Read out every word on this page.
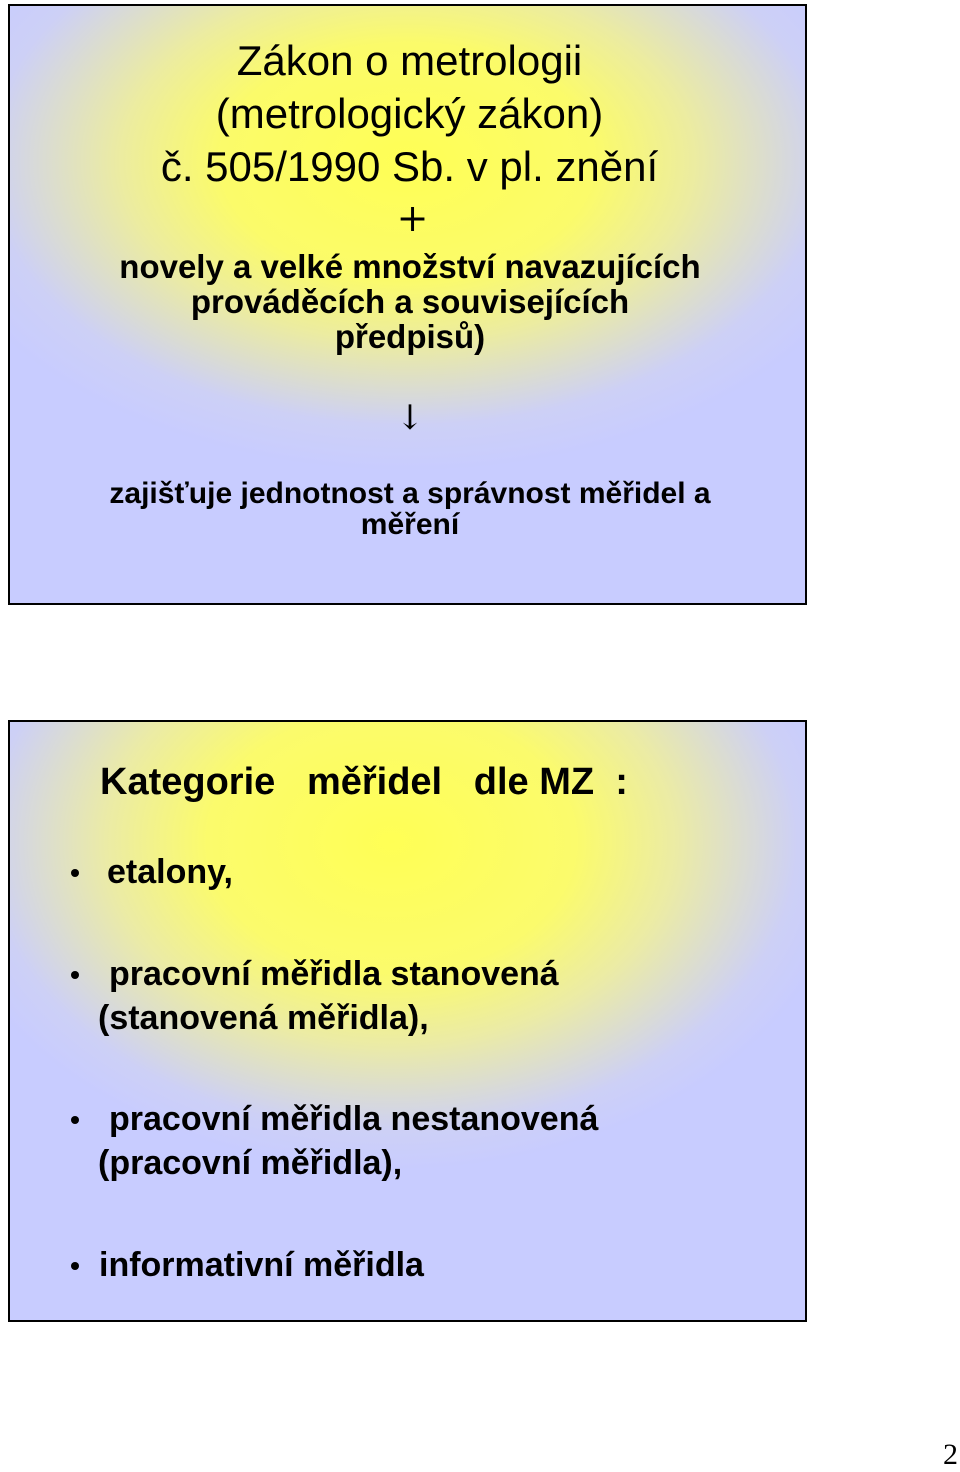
Zákon o metrologii
(metrologický zákon)
č. 505/1990 Sb. v pl. znění
+
novely a velké množství navazujících
prováděcích a souvisejících
předpisů)
↓
zajišťuje jednotnost a správnost měřidel a
měření
Kategorie   měřidel   dle MZ  :
etalony,
pracovní měřidla stanovená
(stanovená měřidla),
pracovní měřidla nestanovená
(pracovní měřidla),
informativní měřidla
2
